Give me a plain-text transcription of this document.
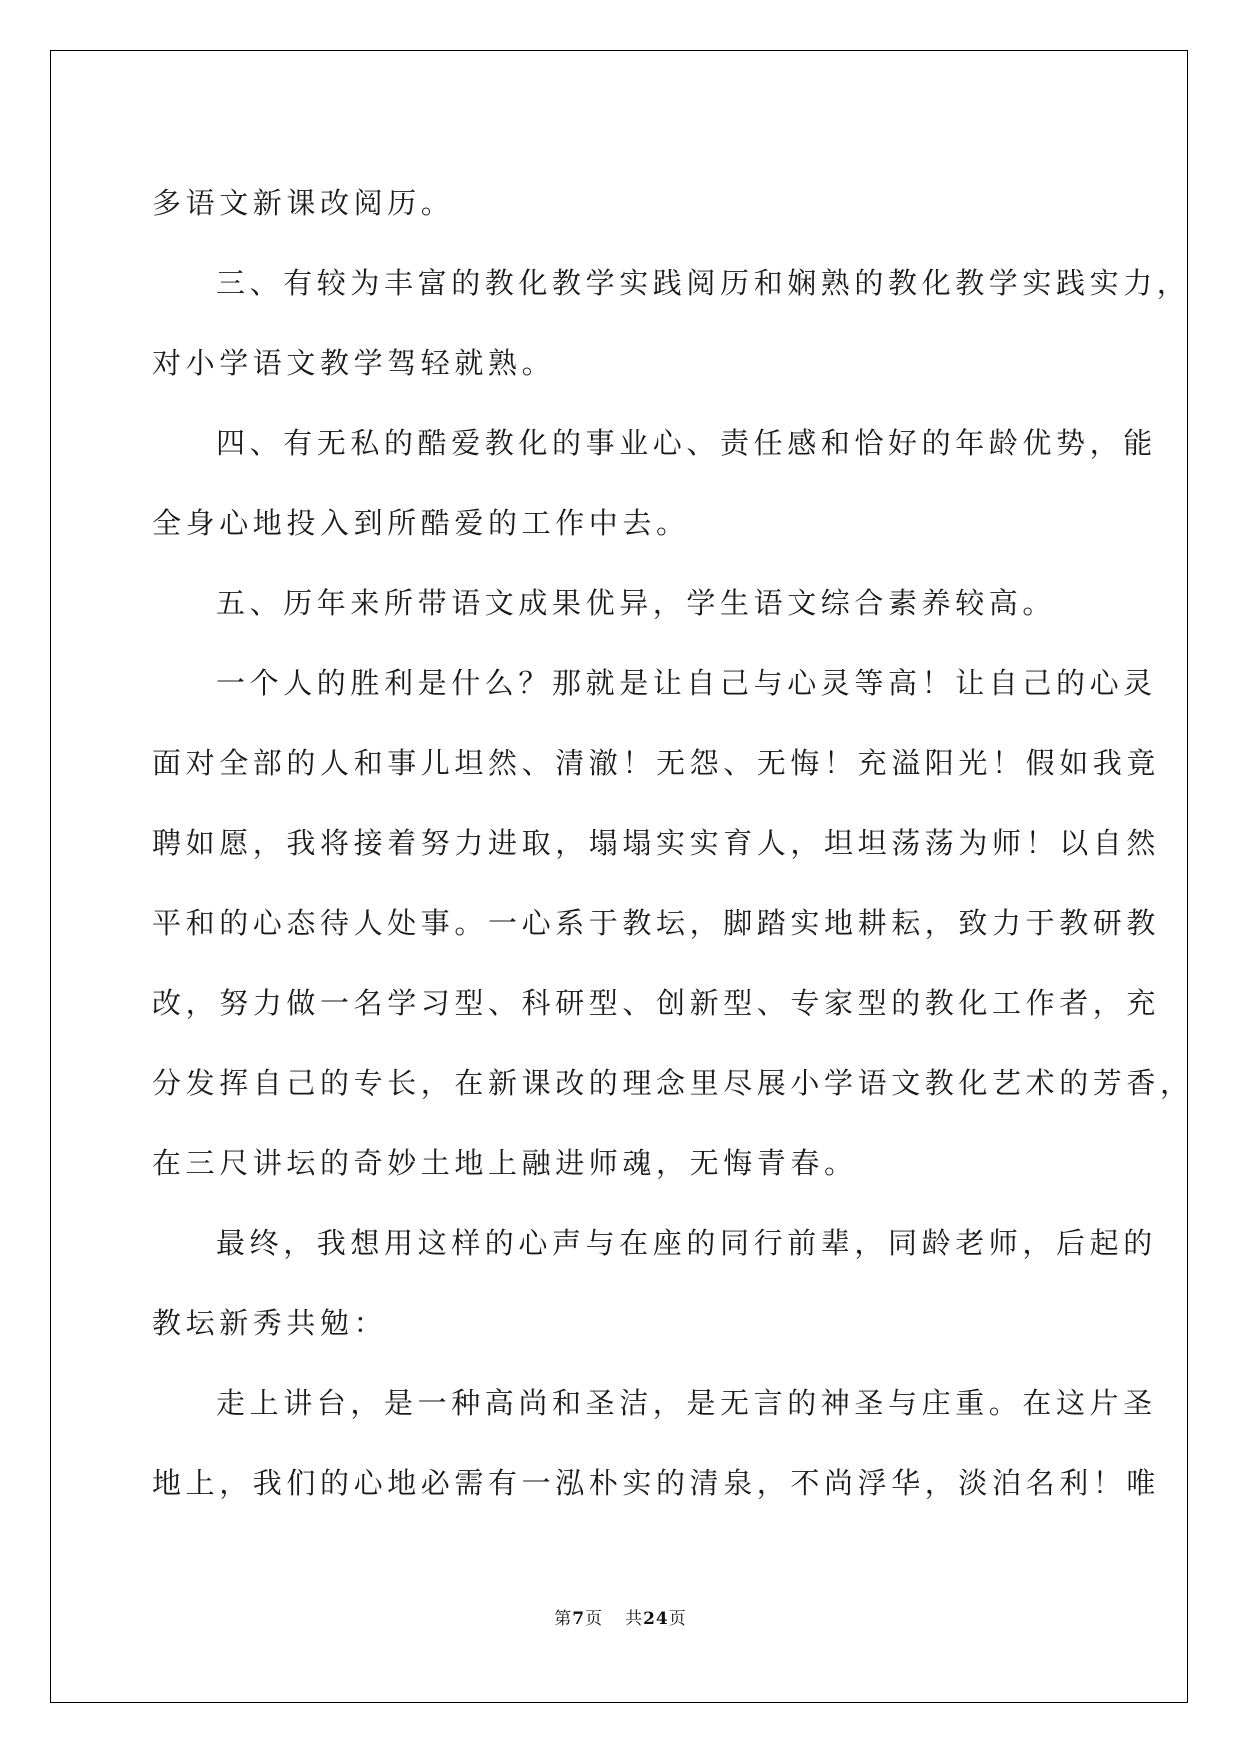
多语文新课改阅历。
三、有较为丰富的教化教学实践阅历和娴熟的教化教学实践实力，
对小学语文教学驾轻就熟。
四、有无私的酷爱教化的事业心、责任感和恰好的年龄优势，能
全身心地投入到所酷爱的工作中去。
五、历年来所带语文成果优异，学生语文综合素养较高。
一个人的胜利是什么？那就是让自己与心灵等高！让自己的心灵
面对全部的人和事儿坦然、清澈！无怨、无悔！充溢阳光！假如我竟
聘如愿，我将接着努力进取，塌塌实实育人，坦坦荡荡为师！以自然
平和的心态待人处事。一心系于教坛，脚踏实地耕耘，致力于教研教
改，努力做一名学习型、科研型、创新型、专家型的教化工作者，充
分发挥自己的专长，在新课改的理念里尽展小学语文教化艺术的芳香，
在三尺讲坛的奇妙土地上融进师魂，无悔青春。
最终，我想用这样的心声与在座的同行前辈，同龄老师，后起的
教坛新秀共勉：
走上讲台，是一种高尚和圣洁，是无言的神圣与庄重。在这片圣
地上，我们的心地必需有一泓朴实的清泉，不尚浮华，淡泊名利！唯
第7页 共24页
